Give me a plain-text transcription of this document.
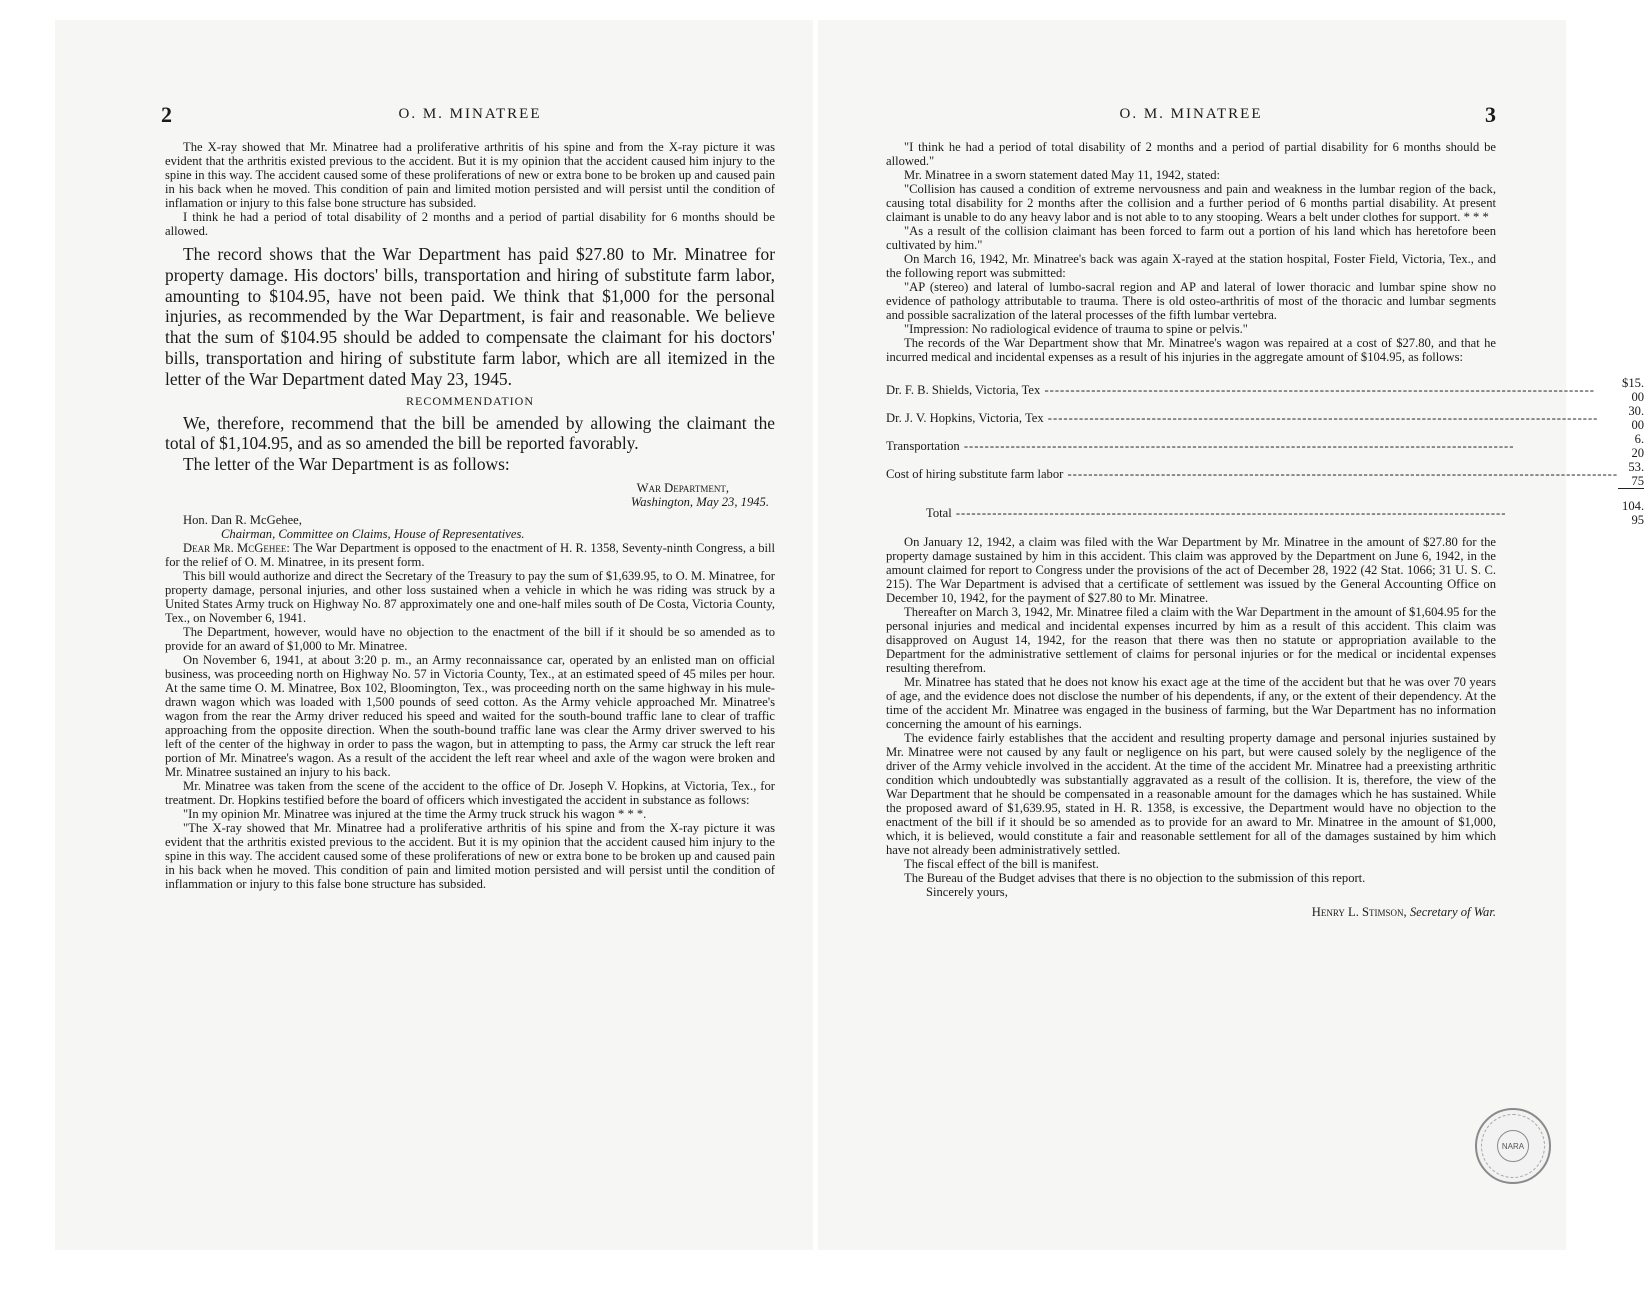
2	O. M. MINATREE

The X-ray showed that Mr. Minatree had a proliferative arthritis of his spine and from the X-ray picture it was evident that the arthritis existed previous to the accident. But it is my opinion that the accident caused him injury to the spine in this way. The accident caused some of these proliferations of new or extra bone to be broken up and caused pain in his back when he moved. This condition of pain and limited motion persisted and will persist until the condition of inflamation or injury to this false bone structure has subsided.

I think he had a period of total disability of 2 months and a period of partial disability for 6 months should be allowed.

The record shows that the War Department has paid $27.80 to Mr. Minatree for property damage. His doctors' bills, transportation and hiring of substitute farm labor, amounting to $104.95, have not been paid. We think that $1,000 for the personal injuries, as recommended by the War Department, is fair and reasonable. We believe that the sum of $104.95 should be added to compensate the claimant for his doctors' bills, transportation and hiring of substitute farm labor, which are all itemized in the letter of the War Department dated May 23, 1945.

RECOMMENDATION

We, therefore, recommend that the bill be amended by allowing the claimant the total of $1,104.95, and as so amended the bill be reported favorably.

The letter of the War Department is as follows:

War Department,

Washington, May 23, 1945.

Hon. Dan R. McGehee,

Chairman, Committee on Claims, House of Representatives.

Dear Mr. McGehee: The War Department is opposed to the enactment of H. R. 1358, Seventy-ninth Congress, a bill for the relief of O. M. Minatree, in its present form.

This bill would authorize and direct the Secretary of the Treasury to pay the sum of $1,639.95, to O. M. Minatree, for property damage, personal injuries, and other loss sustained when a vehicle in which he was riding was struck by a United States Army truck on Highway No. 87 approximately one and one-half miles south of De Costa, Victoria County, Tex., on November 6, 1941.

The Department, however, would have no objection to the enactment of the bill if it should be so amended as to provide for an award of $1,000 to Mr. Minatree.

On November 6, 1941, at about 3:20 p. m., an Army reconnaissance car, operated by an enlisted man on official business, was proceeding north on Highway No. 57 in Victoria County, Tex., at an estimated speed of 45 miles per hour. At the same time O. M. Minatree, Box 102, Bloomington, Tex., was proceeding north on the same highway in his mule-drawn wagon which was loaded with 1,500 pounds of seed cotton. As the Army vehicle approached Mr. Minatree's wagon from the rear the Army driver reduced his speed and waited for the south-bound traffic lane to clear of traffic approaching from the opposite direction. When the south-bound traffic lane was clear the Army driver swerved to his left of the center of the highway in order to pass the wagon, but in attempting to pass, the Army car struck the left rear portion of Mr. Minatree's wagon. As a result of the accident the left rear wheel and axle of the wagon were broken and Mr. Minatree sustained an injury to his back.

Mr. Minatree was taken from the scene of the accident to the office of Dr. Joseph V. Hopkins, at Victoria, Tex., for treatment. Dr. Hopkins testified before the board of officers which investigated the accident in substance as follows:

"In my opinion Mr. Minatree was injured at the time the Army truck struck his wagon * * *.

"The X-ray showed that Mr. Minatree had a proliferative arthritis of his spine and from the X-ray picture it was evident that the arthritis existed previous to the accident. But it is my opinion that the accident caused him injury to the spine in this way. The accident caused some of these proliferations of new or extra bone to be broken up and caused pain in his back when he moved. This condition of pain and limited motion persisted and will persist until the condition of inflammation or injury to this false bone structure has subsided.

O. M. MINATREE	3

"I think he had a period of total disability of 2 months and a period of partial disability for 6 months should be allowed."

Mr. Minatree in a sworn statement dated May 11, 1942, stated:

"Collision has caused a condition of extreme nervousness and pain and weakness in the lumbar region of the back, causing total disability for 2 months after the collision and a further period of 6 months partial disability. At present claimant is unable to do any heavy labor and is not able to to any stooping. Wears a belt under clothes for support. * * *

"As a result of the collision claimant has been forced to farm out a portion of his land which has heretofore been cultivated by him."

On March 16, 1942, Mr. Minatree's back was again X-rayed at the station hospital, Foster Field, Victoria, Tex., and the following report was submitted:

"AP (stereo) and lateral of lumbo-sacral region and AP and lateral of lower thoracic and lumbar spine show no evidence of pathology attributable to trauma. There is old osteo-arthritis of most of the thoracic and lumbar segments and possible sacralization of the lateral processes of the fifth lumbar vertebra.

"Impression: No radiological evidence of trauma to spine or pelvis."

The records of the War Department show that Mr. Minatree's wagon was repaired at a cost of $27.80, and that he incurred medical and incidental expenses as a result of his injuries in the aggregate amount of $104.95, as follows:

Dr. F. B. Shields, Victoria, Tex -----	$15. 00
Dr. J. V. Hopkins, Victoria, Tex -----	30. 00
Transportation -----	6. 20
Cost of hiring substitute farm labor -----	53. 75
Total -----	104. 95

On January 12, 1942, a claim was filed with the War Department by Mr. Minatree in the amount of $27.80 for the property damage sustained by him in this accident. This claim was approved by the Department on June 6, 1942, in the amount claimed for report to Congress under the provisions of the act of December 28, 1922 (42 Stat. 1066; 31 U. S. C. 215). The War Department is advised that a certificate of settlement was issued by the General Accounting Office on December 10, 1942, for the payment of $27.80 to Mr. Minatree.

Thereafter on March 3, 1942, Mr. Minatree filed a claim with the War Department in the amount of $1,604.95 for the personal injuries and medical and incidental expenses incurred by him as a result of this accident. This claim was disapproved on August 14, 1942, for the reason that there was then no statute or appropriation available to the Department for the administrative settlement of claims for personal injuries or for the medical or incidental expenses resulting therefrom.

Mr. Minatree has stated that he does not know his exact age at the time of the accident but that he was over 70 years of age, and the evidence does not disclose the number of his dependents, if any, or the extent of their dependency. At the time of the accident Mr. Minatree was engaged in the business of farming, but the War Department has no information concerning the amount of his earnings.

The evidence fairly establishes that the accident and resulting property damage and personal injuries sustained by Mr. Minatree were not caused by any fault or negligence on his part, but were caused solely by the negligence of the driver of the Army vehicle involved in the accident. At the time of the accident Mr. Minatree had a preexisting arthritic condition which undoubtedly was substantially aggravated as a result of the collision. It is, therefore, the view of the War Department that he should be compensated in a reasonable amount for the damages which he has sustained. While the proposed award of $1,639.95, stated in H. R. 1358, is excessive, the Department would have no objection to the enactment of the bill if it should be so amended as to provide for an award to Mr. Minatree in the amount of $1,000, which, it is believed, would constitute a fair and reasonable settlement for all of the damages sustained by him which have not already been administratively settled.

The fiscal effect of the bill is manifest.

The Bureau of the Budget advises that there is no objection to the submission of this report.

Sincerely yours,

Henry L. Stimson, Secretary of War.

NARA
